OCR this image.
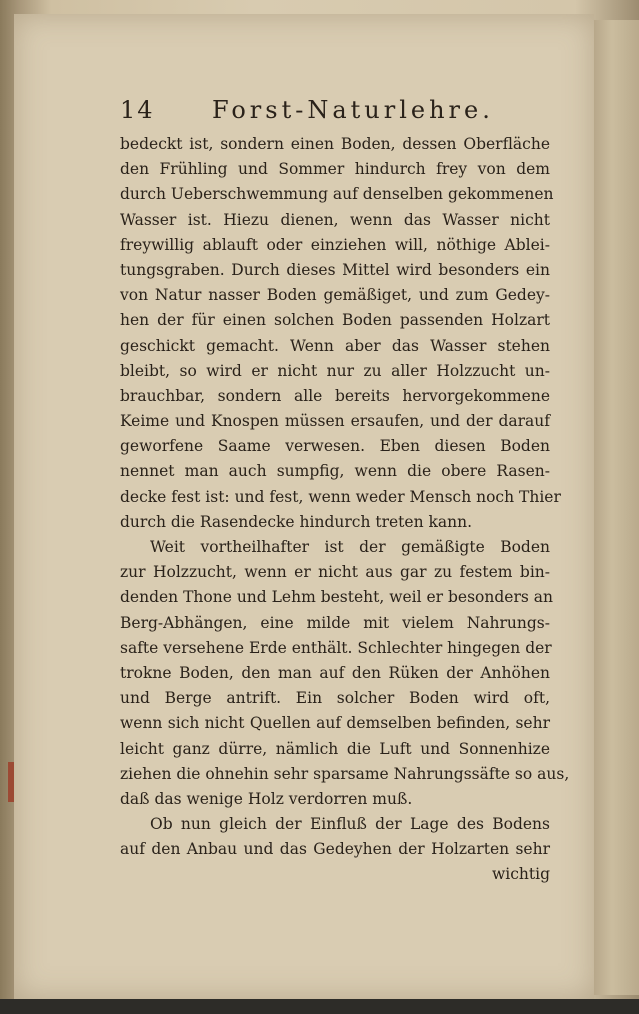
14	Forst-Naturlehre.
bedeckt ist, sondern einen Boden, dessen Oberfläche
den Frühling und Sommer hindurch frey von dem
durch Ueberschwemmung auf denselben gekommenen
Wasser ist. Hiezu dienen, wenn das Wasser nicht
freywillig ablauft oder einziehen will, nöthige Ablei-
tungsgraben. Durch dieses Mittel wird besonders ein
von Natur nasser Boden gemäßiget, und zum Gedey-
hen der für einen solchen Boden passenden Holzart
geschickt gemacht. Wenn aber das Wasser stehen
bleibt, so wird er nicht nur zu aller Holzzucht un-
brauchbar, sondern alle bereits hervorgekommene
Keime und Knospen müssen ersaufen, und der darauf
geworfene Saame verwesen. Eben diesen Boden
nennet man auch sumpfig, wenn die obere Rasen-
decke fest ist: und fest, wenn weder Mensch noch Thier
durch die Rasendecke hindurch treten kann.
Weit vortheilhafter ist der gemäßigte Boden
zur Holzzucht, wenn er nicht aus gar zu festem bin-
denden Thone und Lehm besteht, weil er besonders an
Berg-Abhängen, eine milde mit vielem Nahrungs-
safte versehene Erde enthält. Schlechter hingegen der
trokne Boden, den man auf den Rüken der Anhöhen
und Berge antrift. Ein solcher Boden wird oft,
wenn sich nicht Quellen auf demselben befinden, sehr
leicht ganz dürre, nämlich die Luft und Sonnenhize
ziehen die ohnehin sehr sparsame Nahrungssäfte so aus,
daß das wenige Holz verdorren muß.
Ob nun gleich der Einfluß der Lage des Bodens
auf den Anbau und das Gedeyhen der Holzarten sehr
wichtig
